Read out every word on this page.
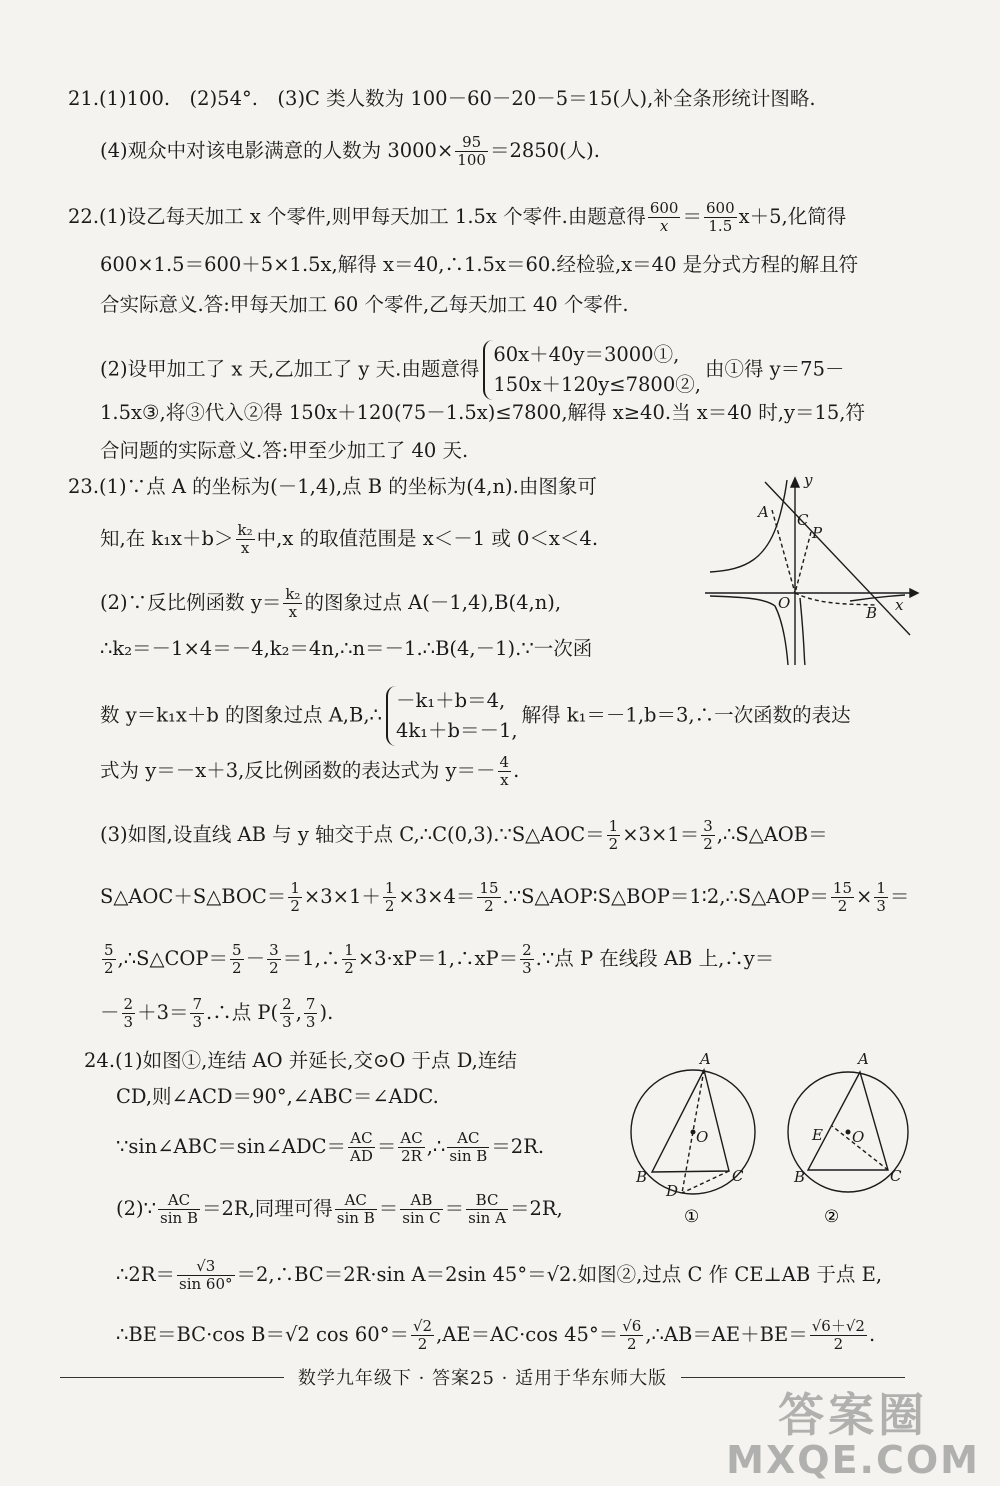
21.(1)100.　(2)54°.　(3)C 类人数为 100－60－20－5＝15(人),补全条形统计图略.
(4)观众中对该电影满意的人数为 $3000\times \frac{95}{100} =2850$(人).
22.(1)设乙每天加工 x 个零件,则甲每天加工 1.5x 个零件.由题意得 $\frac{600}{x} = \frac{600}{1.5} x+5$,化简得
600×1.5＝600＋5×1.5x,解得 x＝40,∴1.5x＝60.经检验,x＝40 是分式方程的解且符
合实际意义.答:甲每天加工 60 个零件,乙每天加工 40 个零件.
(2)设甲加工了 x 天,乙加工了 y 天.由题意得
60x＋40y＝3000①,
150x＋120y≤7800②,
由①得 y＝75－
1.5x③,将③代入②得 150x＋120(75－1.5x)≤7800,解得 x≥40.当 x＝40 时,y＝15,符
合问题的实际意义.答:甲至少加工了 40 天.
23.(1)∵点 A 的坐标为(－1,4),点 B 的坐标为(4,n).由图象可
知,在 $k_1x+b> \frac{\text{k₂}}{x}$ 中,x 的取值范围是 x＜－1 或 0＜x＜4.
(2)∵反比例函数 $y= \frac{\text{k₂}}{x}$ 的图象过点 A(－1,4),B(4,n),
∴k₂＝－1×4＝－4,k₂＝4n,∴n＝－1.∴B(4,－1).∵一次函
数 y＝k₁x＋b 的图象过点 A,B,∴
－k₁＋b＝4,
4k₁＋b＝－1,
解得 k₁＝－1,b＝3,∴一次函数的表达
式为 y＝－x＋3,反比例函数的表达式为 $y=- \frac{4}{x}$ .
(3)如图,设直线 AB 与 y 轴交于点 C,∴C(0,3).∵S△AOC＝ $\frac{1}{2} \times 3\times 1= \frac{3}{2}$ ,∴S△AOB＝
S△AOC＋S△BOC＝ $\frac{1}{2} \times 3\times 1+ \frac{1}{2} \times 3\times 4= \frac{15}{2}$ .∵S△AOP∶S△BOP＝1∶2,∴S△AOP＝ $\frac{15}{2} \times \frac{1}{3}$ ＝
$\frac{5}{2}$ ,∴S△COP＝ $\frac{5}{2} - \frac{3}{2}$ ＝1,∴ $\frac{1}{2}$ ×3·xP＝1,∴xP＝ $\frac{2}{3}$ .∵点 P 在线段 AB 上,∴y＝
－ $\frac{2}{3} +3= \frac{7}{3}$ .∴点 $P( \frac{2}{3}$ , $\frac{7}{3}$ ).
y
x
A C
P
O
B
24.(1)如图①,连结 AO 并延长,交⊙O 于点 D,连结
CD,则∠ACD＝90°,∠ABC＝∠ADC.
∵sin∠ABC＝sin∠ADC＝ $\frac{AC}{AD} = \frac{AC}{2R}$ ,∴ $\frac{AC}{\text{sin B}} =2R$.
(2)∵ $\frac{AC}{\text{sin B}} =2R$,同理可得 $\frac{AC}{\text{sin B}} = \frac{AB}{\text{sin C}} = \frac{BC}{\text{sin A}} =2R$,
∴2R＝ $\frac{√3}{\sin 60^\circ}$ ＝2,∴BC＝2R·sin A＝2sin 45°＝√2.如图②,过点 C 作 CE⊥AB 于点 E,
∴BE＝BC·cos B＝√2 $\cos 60^\circ= \frac{√2}{2} ,AE=AC\cdot\cos$ $45^\circ= \frac{√6}{2}$ ,∴AB＝AE＋BE＝ $\frac{√6+√2}{2}$ .
A
O
B	C
D
①
A
O
E
B	C
②
数学九年级下 · 答案25 · 适用于华东师大版
答案圈
MXQE.COM
